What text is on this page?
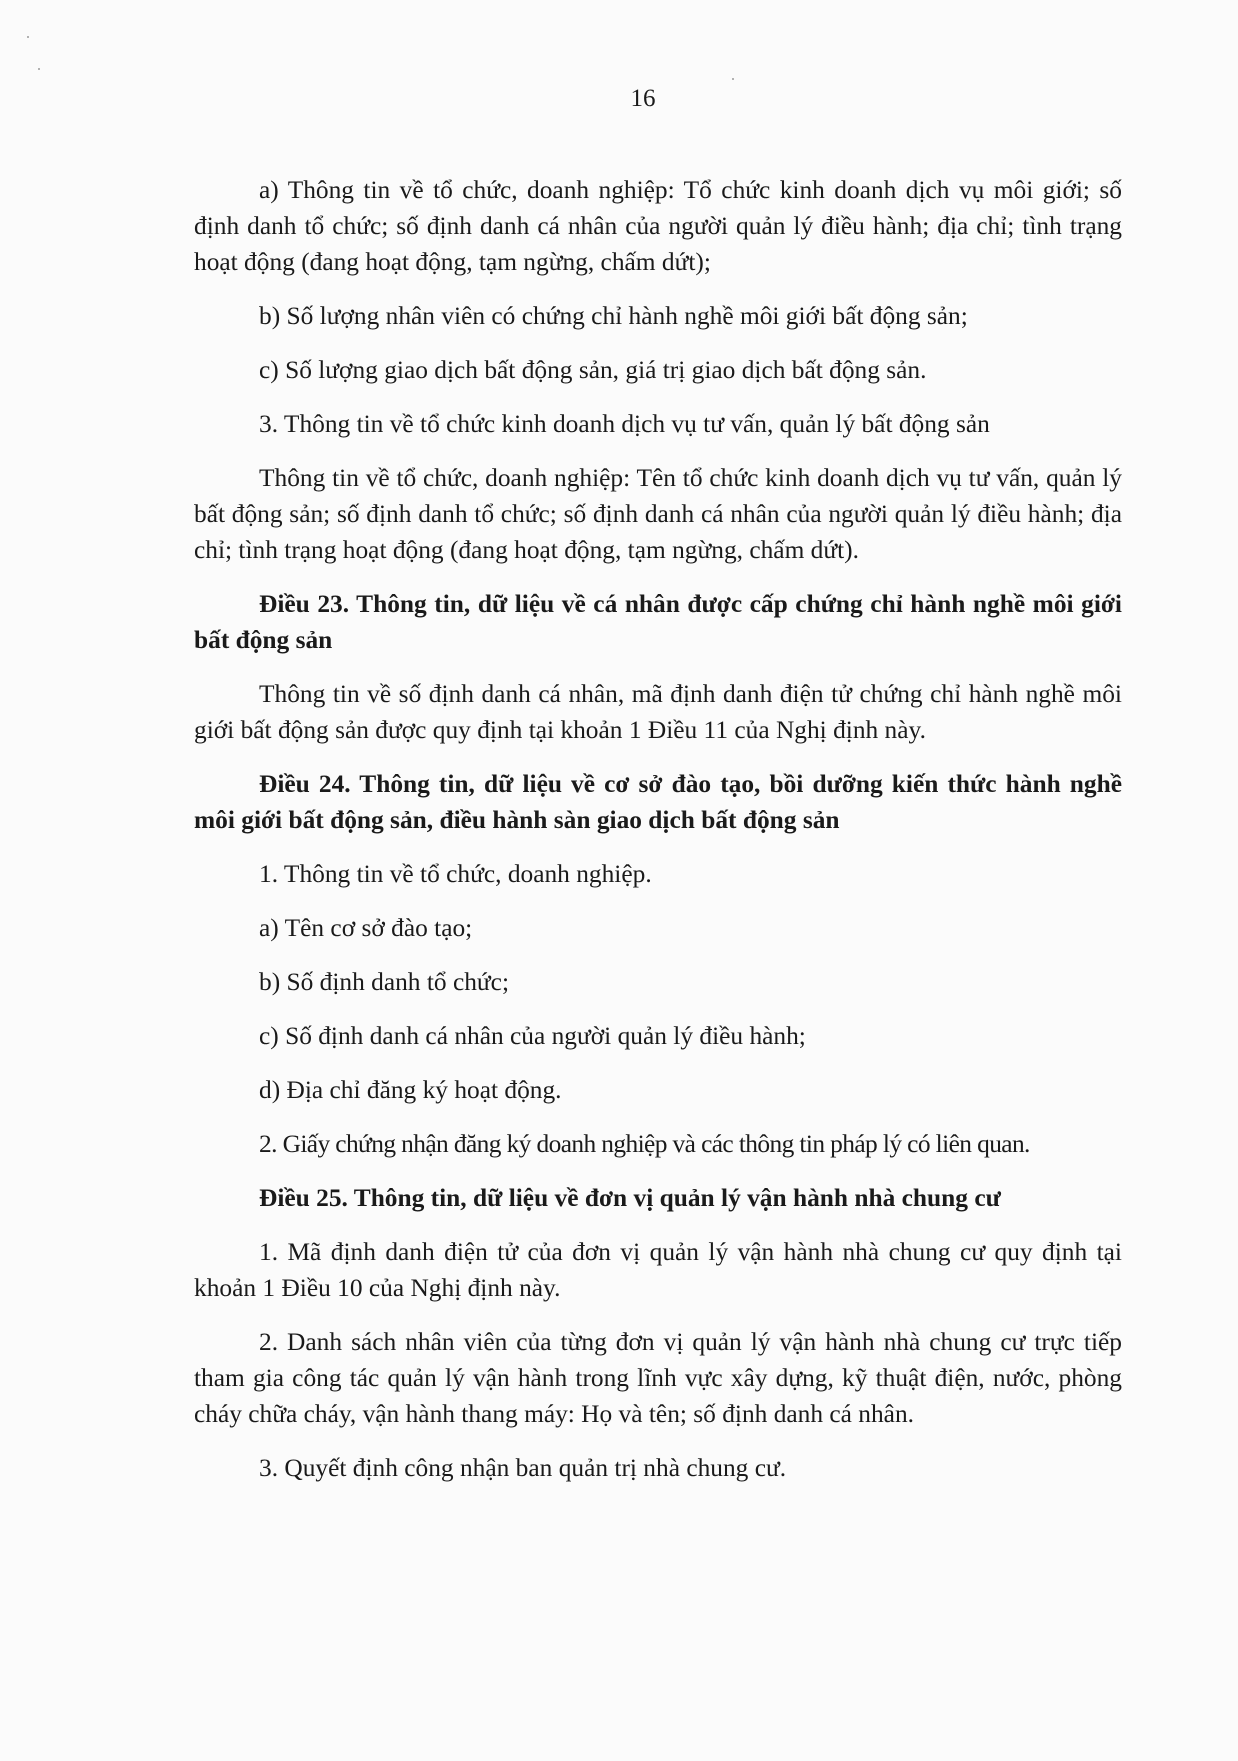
16

a) Thông tin về tổ chức, doanh nghiệp: Tổ chức kinh doanh dịch vụ môi giới; số định danh tổ chức; số định danh cá nhân của người quản lý điều hành; địa chỉ; tình trạng hoạt động (đang hoạt động, tạm ngừng, chấm dứt);

b) Số lượng nhân viên có chứng chỉ hành nghề môi giới bất động sản;

c) Số lượng giao dịch bất động sản, giá trị giao dịch bất động sản.

3. Thông tin về tổ chức kinh doanh dịch vụ tư vấn, quản lý bất động sản

Thông tin về tổ chức, doanh nghiệp: Tên tổ chức kinh doanh dịch vụ tư vấn, quản lý bất động sản; số định danh tổ chức; số định danh cá nhân của người quản lý điều hành; địa chỉ; tình trạng hoạt động (đang hoạt động, tạm ngừng, chấm dứt).

Điều 23. Thông tin, dữ liệu về cá nhân được cấp chứng chỉ hành nghề môi giới bất động sản

Thông tin về số định danh cá nhân, mã định danh điện tử chứng chỉ hành nghề môi giới bất động sản được quy định tại khoản 1 Điều 11 của Nghị định này.

Điều 24. Thông tin, dữ liệu về cơ sở đào tạo, bồi dưỡng kiến thức hành nghề môi giới bất động sản, điều hành sàn giao dịch bất động sản

1. Thông tin về tổ chức, doanh nghiệp.

a) Tên cơ sở đào tạo;

b) Số định danh tổ chức;

c) Số định danh cá nhân của người quản lý điều hành;

d) Địa chỉ đăng ký hoạt động.

2. Giấy chứng nhận đăng ký doanh nghiệp và các thông tin pháp lý có liên quan.

Điều 25. Thông tin, dữ liệu về đơn vị quản lý vận hành nhà chung cư

1. Mã định danh điện tử của đơn vị quản lý vận hành nhà chung cư quy định tại khoản 1 Điều 10 của Nghị định này.

2. Danh sách nhân viên của từng đơn vị quản lý vận hành nhà chung cư trực tiếp tham gia công tác quản lý vận hành trong lĩnh vực xây dựng, kỹ thuật điện, nước, phòng cháy chữa cháy, vận hành thang máy: Họ và tên; số định danh cá nhân.

3. Quyết định công nhận ban quản trị nhà chung cư.
